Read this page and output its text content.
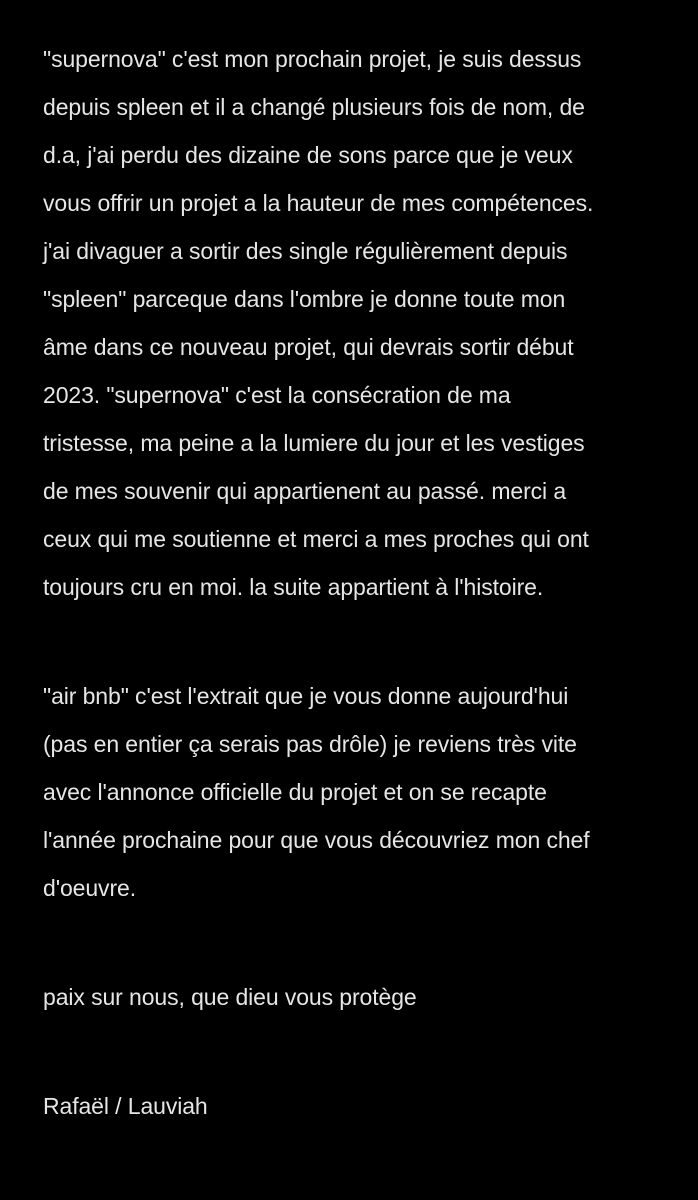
"supernova" c'est mon prochain projet, je suis dessus
depuis spleen et il a changé plusieurs fois de nom, de
d.a, j'ai perdu des dizaine de sons parce que je veux
vous offrir un projet a la hauteur de mes compétences.
j'ai divaguer a sortir des single régulièrement depuis
"spleen" parceque dans l'ombre je donne toute mon
âme dans ce nouveau projet, qui devrais sortir début
2023. "supernova" c'est la consécration de ma
tristesse, ma peine a la lumiere du jour et les vestiges
de mes souvenir qui appartienent au passé. merci a
ceux qui me soutienne et merci a mes proches qui ont
toujours cru en moi. la suite appartient à l'histoire.
"air bnb" c'est l'extrait que je vous donne aujourd'hui
(pas en entier ça serais pas drôle) je reviens très vite
avec l'annonce officielle du projet et on se recapte
l'année prochaine pour que vous découvriez mon chef
d'oeuvre.
paix sur nous, que dieu vous protège
Rafaël / Lauviah
